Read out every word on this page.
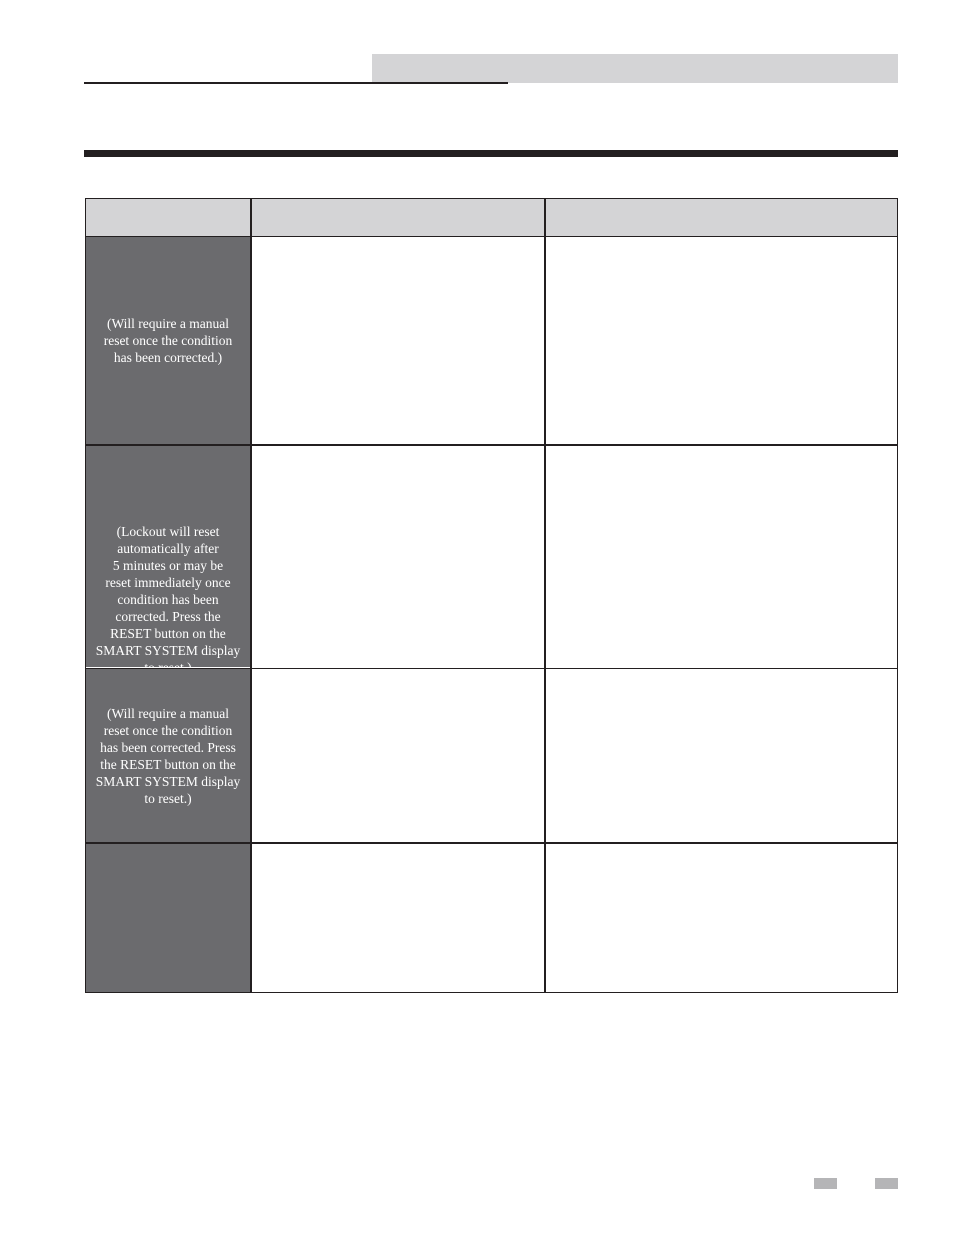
(Will require a manual
reset once the condition
has been corrected.)
(Lockout will reset
automatically after
5 minutes or may be
reset immediately once
condition has been
corrected. Press the
RESET button on the
SMART SYSTEM display

(Will require a manual
reset once the condition
has been corrected. Press
the RESET button on the
SMART SYSTEM display
to reset.)
